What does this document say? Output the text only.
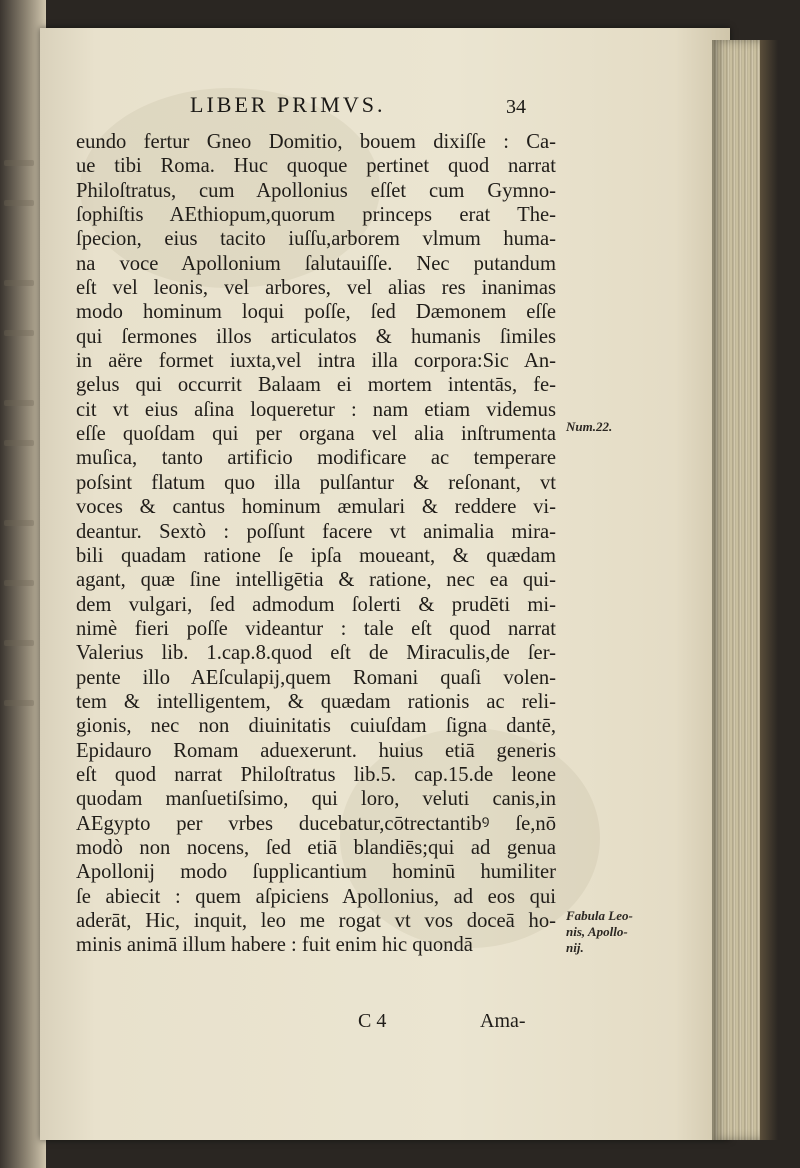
LIBER PRIMVS.	34
eundo fertur Gneo Domitio, bouem dixiſſe : Ca-
ue tibi Roma. Huc quoque pertinet quod narrat
Philoſtratus, cum Apollonius eſſet cum Gymno-
ſophiſtis AEthiopum,quorum princeps erat The-
ſpecion, eius tacito iuſſu,arborem vlmum huma-
na voce Apollonium ſalutauiſſe. Nec putandum
eſt vel leonis, vel arbores, vel alias res inanimas
modo hominum loqui poſſe, ſed Dæmonem eſſe
qui ſermones illos articulatos & humanis ſimiles
in aëre formet iuxta,vel intra illa corpora:Sic An-
gelus qui occurrit Balaam ei mortem intentās, fe-
cit vt eius aſina loqueretur : nam etiam videmus
eſſe quoſdam qui per organa vel alia inſtrumenta
muſica, tanto artificio modificare ac temperare
poſsint flatum quo illa pulſantur & reſonant, vt
voces & cantus hominum æmulari & reddere vi-
deantur. Sextò : poſſunt facere vt animalia mira-
bili quadam ratione ſe ipſa moueant, & quædam
agant, quæ ſine intelligētia & ratione, nec ea qui-
dem vulgari, ſed admodum ſolerti & prudēti mi-
nimè fieri poſſe videantur : tale eſt quod narrat
Valerius lib. 1.cap.8.quod eſt de Miraculis,de ſer-
pente illo AEſculapij,quem Romani quaſi volen-
tem & intelligentem, & quædam rationis ac reli-
gionis, nec non diuinitatis cuiuſdam ſigna dantē,
Epidauro Romam aduexerunt. huius etiā generis
eſt quod narrat Philoſtratus lib.5. cap.15.de leone
quodam manſuetiſsimo, qui loro, veluti canis,in
AEgypto per vrbes ducebatur,cōtrectantibꝰ ſe,nō
modò non nocens, ſed etiā blandiēs;qui ad genua
Apollonij modo ſupplicantium hominū humiliter
ſe abiecit : quem aſpiciens Apollonius, ad eos qui
aderāt, Hic, inquit, leo me rogat vt vos doceā ho-
minis animā illum habere : fuit enim hic quondā
Num.22.
Fabula Leo-
nis, Apollo-
nij.
C 4	Ama-
